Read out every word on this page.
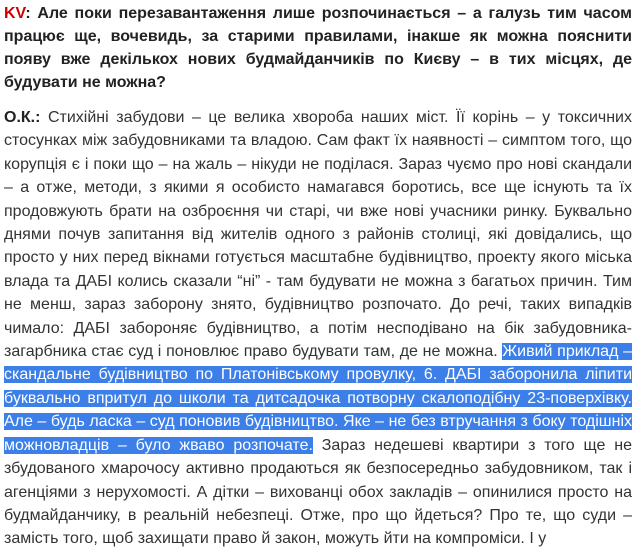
KV: Але поки перезавантаження лише розпочинається – а галузь тим часом працює ще, вочевидь, за старими правилами, інакше як можна пояснити появу вже декількох нових будмайданчиків по Києву – в тих місцях, де будувати не можна?

О.К.: Стихійні забудови – це велика хвороба наших міст. Її корінь – у токсичних стосунках між забудовниками та владою. Сам факт їх наявності – симптом того, що корупція є і поки що – на жаль – нікуди не поділася. Зараз чуємо про нові скандали – а отже, методи, з якими я особисто намагався боротись, все ще існують та їх продовжують брати на озброєння чи старі, чи вже нові учасники ринку. Буквально днями почув запитання від жителів одного з районів столиці, які довідались, що просто у них перед вікнами готується масштабне будівництво, проекту якого міська влада та ДАБІ колись сказали “ні” - там будувати не можна з багатьох причин. Тим не менш, зараз заборону знято, будівництво розпочато. До речі, таких випадків чимало: ДАБІ забороняє будівництво, а потім несподівано на бік забудовника-загарбника стає суд і поновлює право будувати там, де не можна. Живий приклад – скандальне будівництво по Платонівському провулку, 6. ДАБІ заборонила ліпити буквально впритул до школи та дитсадочка потворну скалоподібну 23-поверхівку. Але – будь ласка – суд поновив будівництво. Яке – не без втручання з боку тодішніх можновладців – було жваво розпочате. Зараз недешеві квартири з того ще не збудованого хмарочосу активно продаються як безпосередньо забудовником, так і агенціями з нерухомості. А дітки – вихованці обох закладів – опинилися просто на будмайданчику, в реальній небезпеці. Отже, про що йдеться? Про те, що суди – замість того, щоб захищати право й закон, можуть йти на компроміси. І у
